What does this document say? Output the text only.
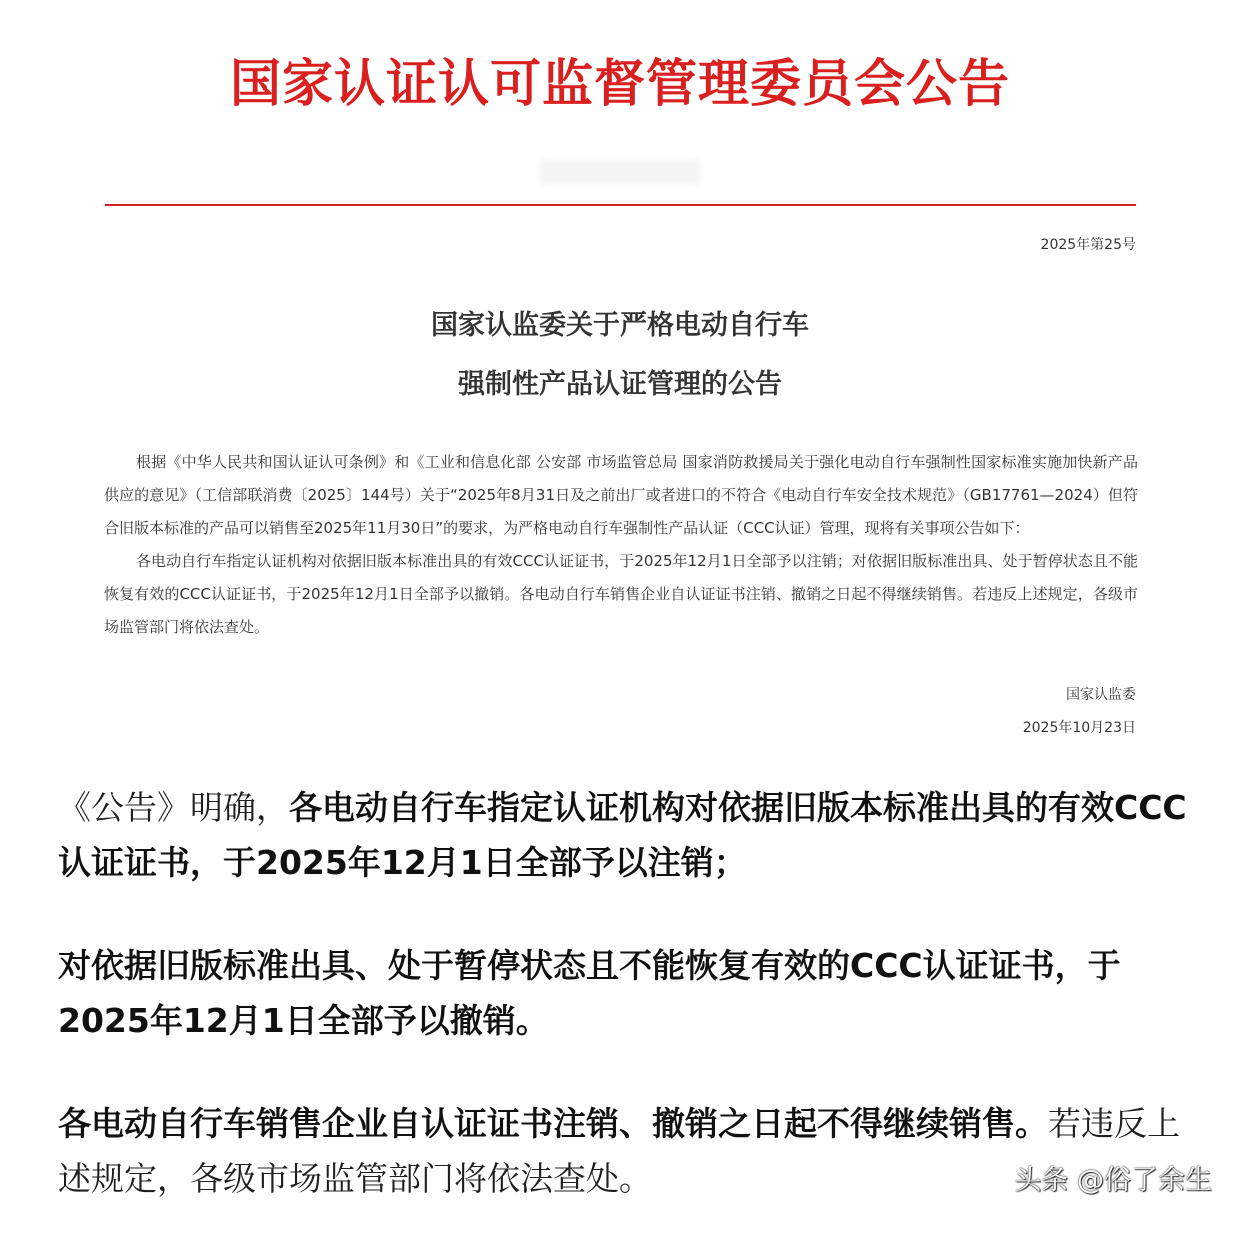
国家认证认可监督管理委员会公告
2025年第25号
国家认监委关于严格电动自行车
强制性产品认证管理的公告

根据《中华人民共和国认证认可条例》和《工业和信息化部 公安部 市场监管总局 国家消防救援局关于强化电动自行车强制性国家标准实施加快新产品供应的意见》（工信部联消费〔2025〕144号）关于“2025年8月31日及之前出厂或者进口的不符合《电动自行车安全技术规范》（GB17761—2024）但符合旧版本标准的产品可以销售至2025年11月30日”的要求，为严格电动自行车强制性产品认证（CCC认证）管理，现将有关事项公告如下：

各电动自行车指定认证机构对依据旧版本标准出具的有效CCC认证证书，于2025年12月1日全部予以注销；对依据旧版标准出具、处于暂停状态且不能恢复有效的CCC认证证书，于2025年12月1日全部予以撤销。各电动自行车销售企业自认证证书注销、撤销之日起不得继续销售。若违反上述规定，各级市场监管部门将依法查处。

国家认监委
2025年10月23日

《公告》明确，各电动自行车指定认证机构对依据旧版本标准出具的有效CCC认证证书，于2025年12月1日全部予以注销；

对依据旧版标准出具、处于暂停状态且不能恢复有效的CCC认证证书，于2025年12月1日全部予以撤销。

各电动自行车销售企业自认证证书注销、撤销之日起不得继续销售。若违反上述规定，各级市场监管部门将依法查处。	头条 @俗了余生
